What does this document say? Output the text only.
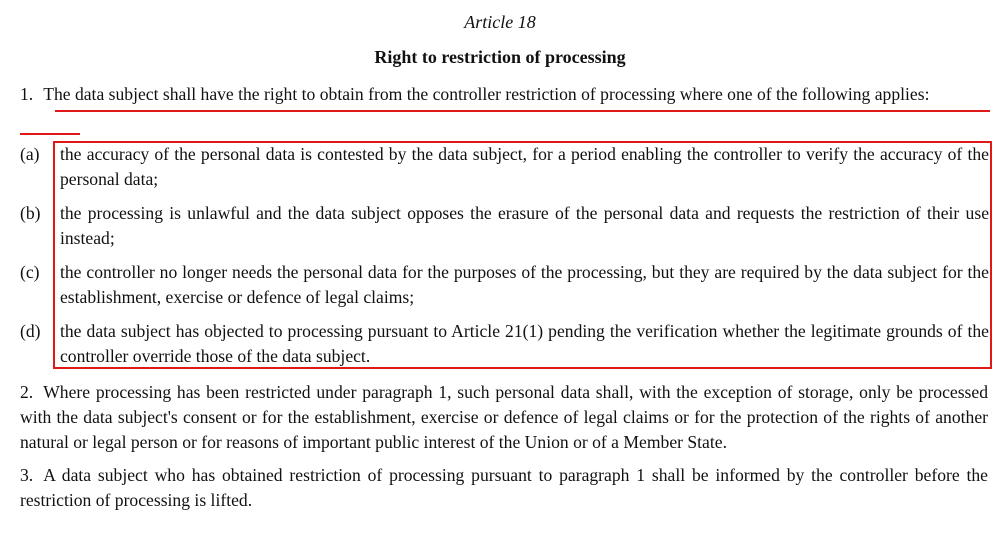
Article 18
Right to restriction of processing
1. The data subject shall have the right to obtain from the controller restriction of processing where one of the following applies:
(a) the accuracy of the personal data is contested by the data subject, for a period enabling the controller to verify the accuracy of the personal data;
(b) the processing is unlawful and the data subject opposes the erasure of the personal data and requests the restriction of their use instead;
(c) the controller no longer needs the personal data for the purposes of the processing, but they are required by the data subject for the establishment, exercise or defence of legal claims;
(d) the data subject has objected to processing pursuant to Article 21(1) pending the verification whether the legitimate grounds of the controller override those of the data subject.
2. Where processing has been restricted under paragraph 1, such personal data shall, with the exception of storage, only be processed with the data subject's consent or for the establishment, exercise or defence of legal claims or for the protection of the rights of another natural or legal person or for reasons of important public interest of the Union or of a Member State.
3. A data subject who has obtained restriction of processing pursuant to paragraph 1 shall be informed by the controller before the restriction of processing is lifted.
